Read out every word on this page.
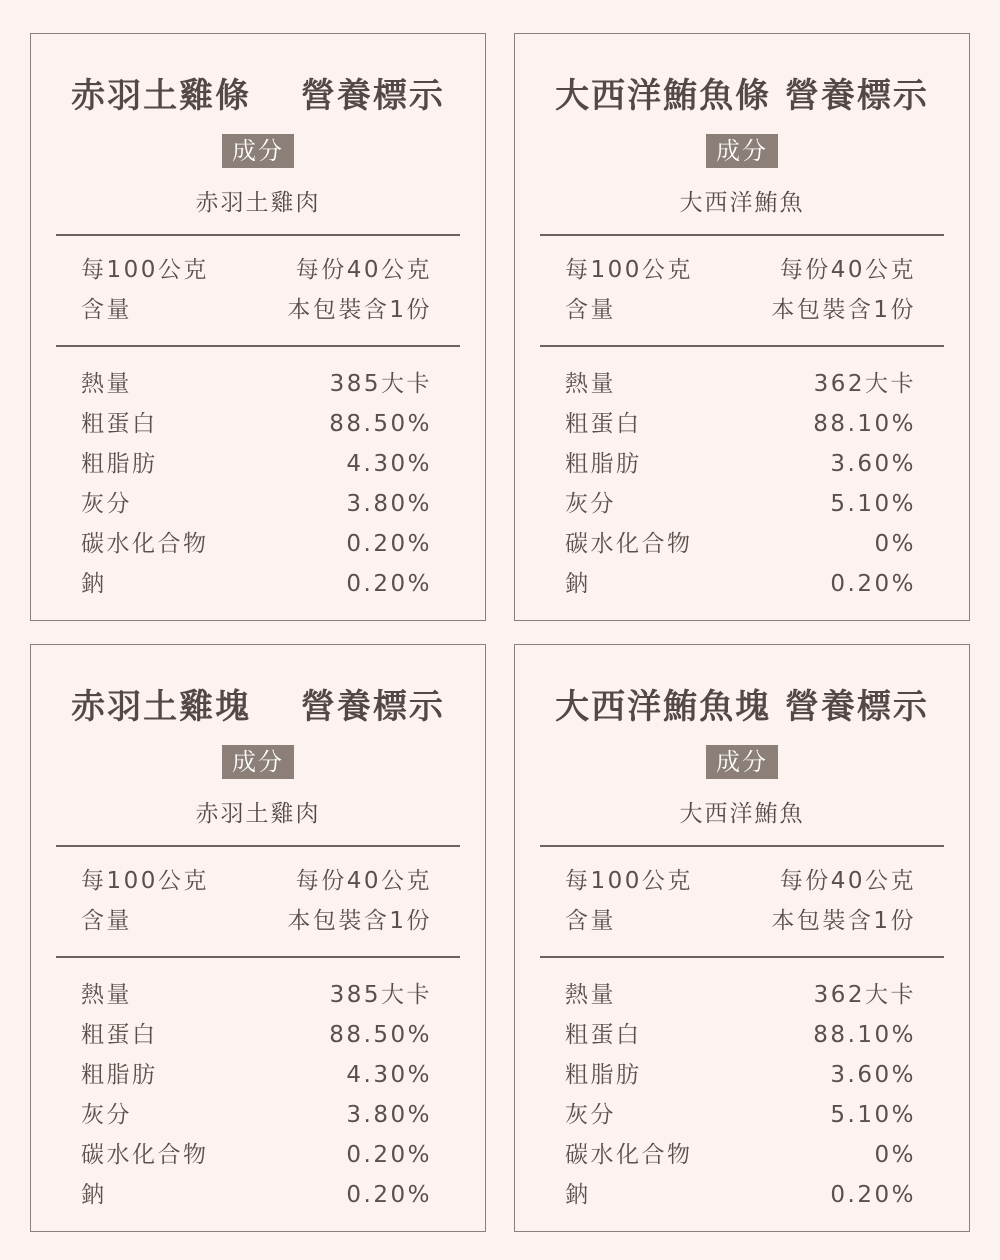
赤羽土雞條　 營養標示
成分
赤羽土雞肉
每100公克	每份40公克
含量	本包裝含1份
熱量	385大卡
粗蛋白	88.50%
粗脂肪	4.30%
灰分	3.80%
碳水化合物	0.20%
鈉	0.20%
大西洋鮪魚條 營養標示
成分
大西洋鮪魚
每100公克	每份40公克
含量	本包裝含1份
熱量	362大卡
粗蛋白	88.10%
粗脂肪	3.60%
灰分	5.10%
碳水化合物	0%
鈉	0.20%
赤羽土雞塊　 營養標示
成分
赤羽土雞肉
每100公克	每份40公克
含量	本包裝含1份
熱量	385大卡
粗蛋白	88.50%
粗脂肪	4.30%
灰分	3.80%
碳水化合物	0.20%
鈉	0.20%
大西洋鮪魚塊 營養標示
成分
大西洋鮪魚
每100公克	每份40公克
含量	本包裝含1份
熱量	362大卡
粗蛋白	88.10%
粗脂肪	3.60%
灰分	5.10%
碳水化合物	0%
鈉	0.20%
